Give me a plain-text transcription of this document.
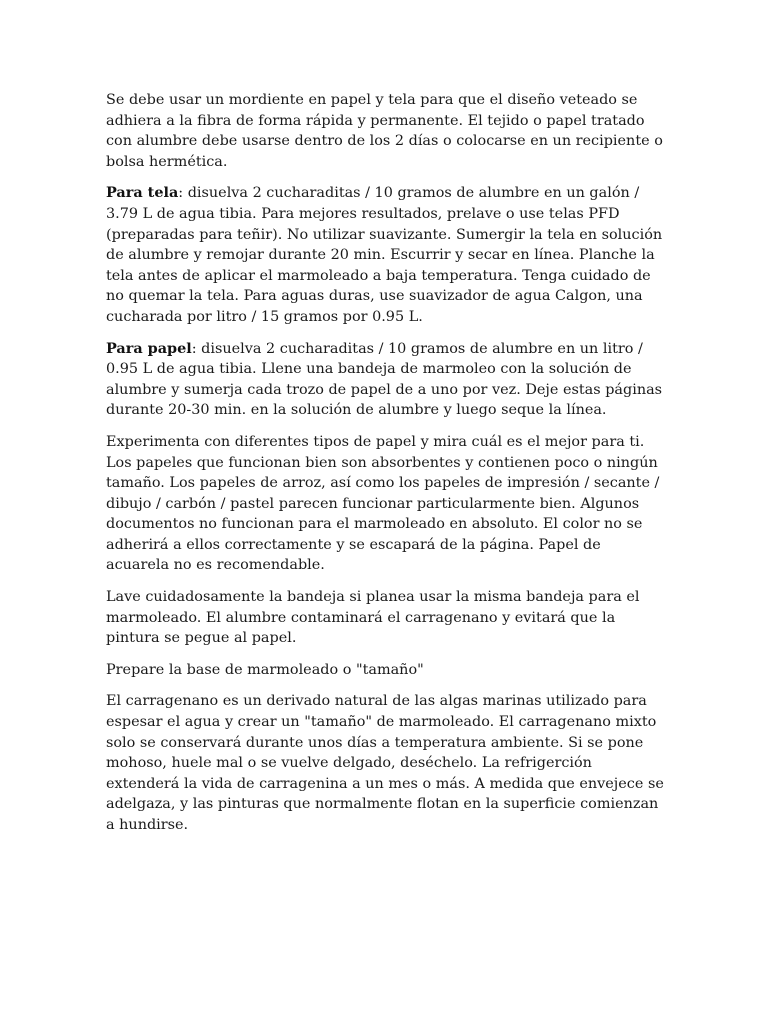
Se debe usar un mordiente en papel y tela para que el diseño veteado se adhiera a la fibra de forma rápida y permanente. El tejido o papel tratado con alumbre debe usarse dentro de los 2 días o colocarse en un recipiente o bolsa hermética.

Para tela: disuelva 2 cucharaditas / 10 gramos de alumbre en un galón / 3.79 L de agua tibia. Para mejores resultados, prelave o use telas PFD (preparadas para teñir). No utilizar suavizante. Sumergir la tela en solución de alumbre y remojar durante 20 min. Escurrir y secar en línea. Planche la tela antes de aplicar el marmoleado a baja temperatura. Tenga cuidado de no quemar la tela. Para aguas duras, use suavizador de agua Calgon, una cucharada por litro / 15 gramos por 0.95 L.

Para papel: disuelva 2 cucharaditas / 10 gramos de alumbre en un litro / 0.95 L de agua tibia. Llene una bandeja de marmoleo con la solución de alumbre y sumerja cada trozo de papel de a uno por vez. Deje estas páginas durante 20-30 min. en la solución de alumbre y luego seque la línea.

Experimenta con diferentes tipos de papel y mira cuál es el mejor para ti. Los papeles que funcionan bien son absorbentes y contienen poco o ningún tamaño. Los papeles de arroz, así como los papeles de impresión / secante / dibujo / carbón / pastel parecen funcionar particularmente bien. Algunos documentos no funcionan para el marmoleado en absoluto. El color no se adherirá a ellos correctamente y se escapará de la página. Papel de acuarela no es recomendable.

Lave cuidadosamente la bandeja si planea usar la misma bandeja para el marmoleado. El alumbre contaminará el carragenano y evitará que la pintura se pegue al papel.

Prepare la base de marmoleado o "tamaño"

El carragenano es un derivado natural de las algas marinas utilizado para espesar el agua y crear un "tamaño" de marmoleado. El carragenano mixto solo se conservará durante unos días a temperatura ambiente. Si se pone mohoso, huele mal o se vuelve delgado, deséchelo. La refrigerción extenderá la vida de carragenina a un mes o más. A medida que envejece se adelgaza, y las pinturas que normalmente flotan en la superficie comienzan a hundirse.
